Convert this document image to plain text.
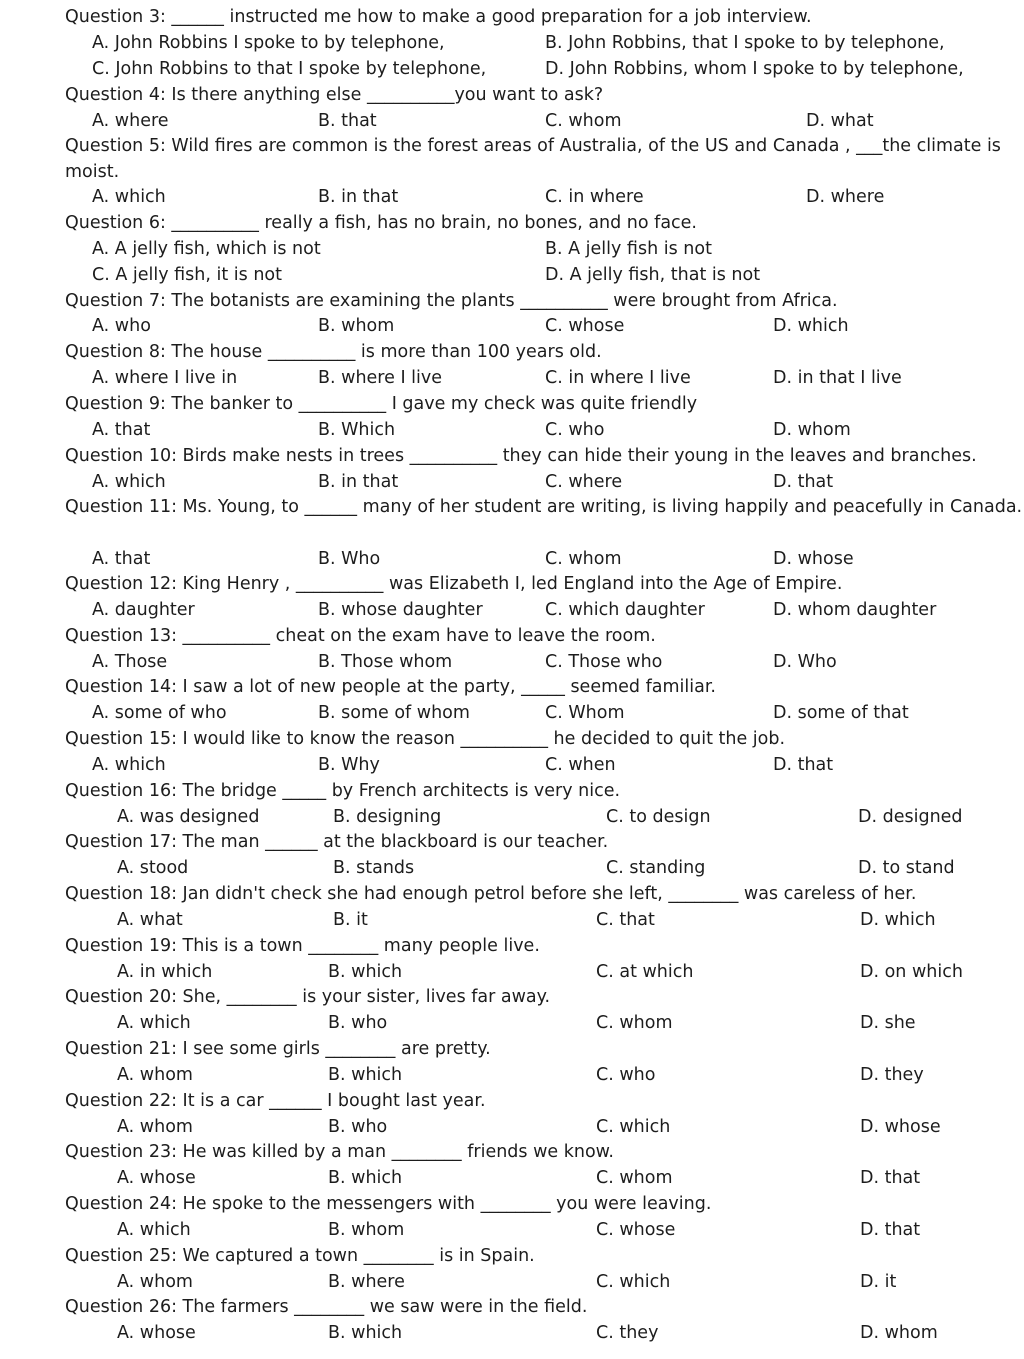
Question 3: ______ instructed me how to make a good preparation for a job interview.
A. John Robbins I spoke to by telephone,	B. John Robbins, that I spoke to by telephone,
C. John Robbins to that I spoke by telephone,	D. John Robbins, whom I spoke to by telephone,
Question 4: Is there anything else __________you want to ask?
A. where	B. that	C. whom	D. what
Question 5: Wild fires are common is the forest areas of Australia, of the US and Canada , ___the climate is moist.
A. which	B. in that	C. in where	D. where
Question 6: __________ really a fish, has no brain, no bones, and no face.
A. A jelly fish, which is not	B. A jelly fish is not
C. A jelly fish, it is not	D. A jelly fish, that is not
Question 7: The botanists are examining the plants __________ were brought from Africa.
A. who	B. whom	C. whose	D. which
Question 8: The house __________ is more than 100 years old.
A. where I live in	B. where I live	C. in where I live	D. in that I live
Question 9: The banker to __________ I gave my check was quite friendly
A. that	B. Which	C. who	D. whom
Question 10: Birds make nests in trees __________ they can hide their young in the leaves and branches.
A. which	B. in that	C. where	D. that
Question 11: Ms. Young, to ______ many of her student are writing, is living happily and peacefully in Canada.
A. that	B. Who	C. whom	D. whose
Question 12: King Henry , __________ was Elizabeth I, led England into the Age of Empire.
A. daughter	B. whose daughter	C. which daughter	D. whom daughter
Question 13: __________ cheat on the exam have to leave the room.
A. Those	B. Those whom	C. Those who	D. Who
Question 14: I saw a lot of new people at the party, _____ seemed familiar.
A. some of who	B. some of whom	C. Whom	D. some of that
Question 15: I would like to know the reason __________ he decided to quit the job.
A. which	B. Why	C. when	D. that
Question 16: The bridge _____ by French architects is very nice.
A. was designed	B. designing	C. to design	D. designed
Question 17: The man ______ at the blackboard is our teacher.
A. stood	B. stands	C. standing	D. to stand
Question 18: Jan didn't check she had enough petrol before she left, ________ was careless of her.
A. what	B. it	C. that	D. which
Question 19: This is a town ________ many people live.
A. in which	B. which	C. at which	D. on which
Question 20: She, ________ is your sister, lives far away.
A. which	B. who	C. whom	D. she
Question 21: I see some girls ________ are pretty.
A. whom	B. which	C. who	D. they
Question 22: It is a car ______ I bought last year.
A. whom	B. who	C. which	D. whose
Question 23: He was killed by a man ________ friends we know.
A. whose	B. which	C. whom	D. that
Question 24: He spoke to the messengers with ________ you were leaving.
A. which	B. whom	C. whose	D. that
Question 25: We captured a town ________ is in Spain.
A. whom	B. where	C. which	D. it
Question 26: The farmers ________ we saw were in the field.
A. whose	B. which	C. they	D. whom
